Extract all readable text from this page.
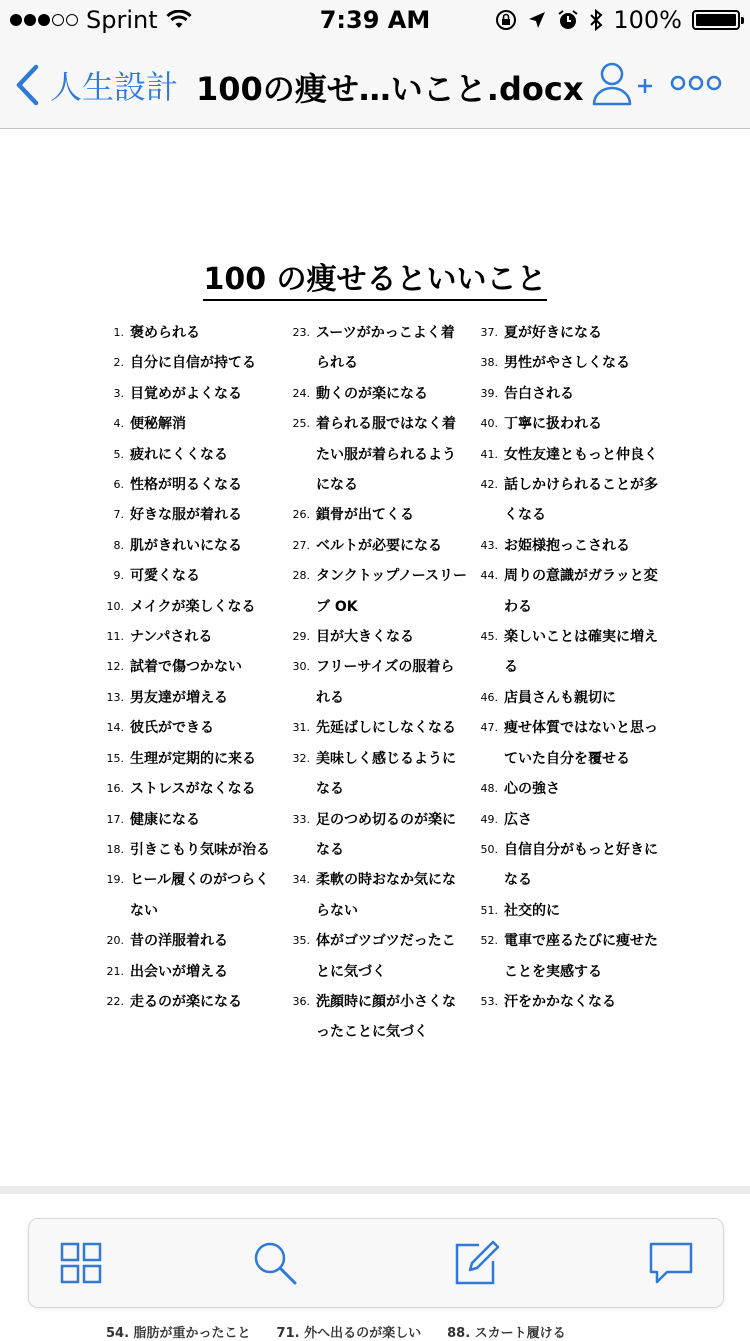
Sprint	7:39 AM	100%
人生設計 100の痩せ…いこと.docx
100 の痩せるといいこと
1. 褒められる
2. 自分に自信が持てる
3. 目覚めがよくなる
4. 便秘解消
5. 疲れにくくなる
6. 性格が明るくなる
7. 好きな服が着れる
8. 肌がきれいになる
9. 可愛くなる
10. メイクが楽しくなる
11. ナンパされる
12. 試着で傷つかない
13. 男友達が増える
14. 彼氏ができる
15. 生理が定期的に来る
16. ストレスがなくなる
17. 健康になる
18. 引きこもり気味が治る
19. ヒール履くのがつらくない
20. 昔の洋服着れる
21. 出会いが増える
22. 走るのが楽になる
23. スーツがかっこよく着られる
24. 動くのが楽になる
25. 着られる服ではなく着たい服が着られるようになる
26. 鎖骨が出てくる
27. ベルトが必要になる
28. タンクトップノースリーブ OK
29. 目が大きくなる
30. フリーサイズの服着られる
31. 先延ばしにしなくなる
32. 美味しく感じるようになる
33. 足のつめ切るのが楽になる
34. 柔軟の時おなか気にならない
35. 体がゴツゴツだったことに気づく
36. 洗顔時に顔が小さくなったことに気づく
37. 夏が好きになる
38. 男性がやさしくなる
39. 告白される
40. 丁寧に扱われる
41. 女性友達ともっと仲良く
42. 話しかけられることが多くなる
43. お姫様抱っこされる
44. 周りの意識がガラッと変わる
45. 楽しいことは確実に増える
46. 店員さんも親切に
47. 痩せ体質ではないと思っていた自分を覆せる
48. 心の強さ
49. 広さ
50. 自信自分がもっと好きになる
51. 社交的に
52. 電車で座るたびに痩せたことを実感する
53. 汗をかかなくなる
54. 脂肪が重かったこと　　71. 外へ出るのが楽しい　　88. スカート履ける
